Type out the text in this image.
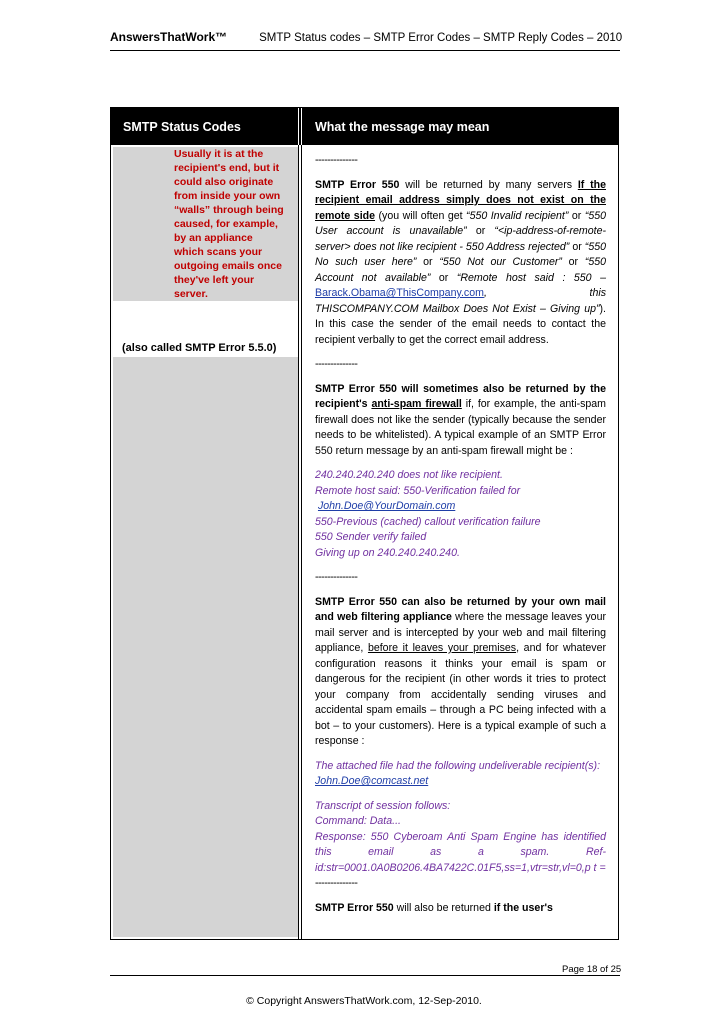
AnswersThatWork™	SMTP Status codes – SMTP Error Codes – SMTP Reply Codes – 2010
SMTP Status Codes	What the message may mean
Usually it is at the
recipient's end, but it
could also originate
from inside your own
“walls” through being
caused, for example,
by an appliance
which scans your
outgoing emails once
they've left your
server.
(also called SMTP Error 5.5.0)

--------------

SMTP Error 550 will be returned by many servers If the recipient email address simply does not exist on the remote side (you will often get “550 Invalid recipient” or “550 User account is unavailable” or “<ip-address-of-remote-server> does not like recipient - 550 Address rejected” or “550 No such user here” or “550 Not our Customer” or “550 Account not available” or “Remote host said : 550 – Barack.Obama@ThisCompany.com, this THISCOMPANY.COM Mailbox Does Not Exist – Giving up”). In this case the sender of the email needs to contact the recipient verbally to get the correct email address.

--------------

SMTP Error 550 will sometimes also be returned by the recipient's anti-spam firewall if, for example, the anti-spam firewall does not like the sender (typically because the sender needs to be whitelisted). A typical example of an SMTP Error 550 return message by an anti-spam firewall might be :

240.240.240.240 does not like recipient.
Remote host said: 550-Verification failed for
John.Doe@YourDomain.com
550-Previous (cached) callout verification failure
550 Sender verify failed
Giving up on 240.240.240.240.

--------------

SMTP Error 550 can also be returned by your own mail and web filtering appliance where the message leaves your mail server and is intercepted by your web and mail filtering appliance, before it leaves your premises, and for whatever configuration reasons it thinks your email is spam or dangerous for the recipient (in other words it tries to protect your company from accidentally sending viruses and accidental spam emails – through a PC being infected with a bot – to your customers). Here is a typical example of such a response :

The attached file had the following undeliverable recipient(s):
John.Doe@comcast.net

Transcript of session follows:
Command: Data...
Response: 550 Cyberoam Anti Spam Engine has identified this email as a spam. Ref-id:str=0001.0A0B0206.4BA7422C.01F5,ss=1,vtr=str,vl=0,p t =

--------------

SMTP Error 550 will also be returned if the user's

Page 18 of 25
© Copyright AnswersThatWork.com, 12-Sep-2010.
